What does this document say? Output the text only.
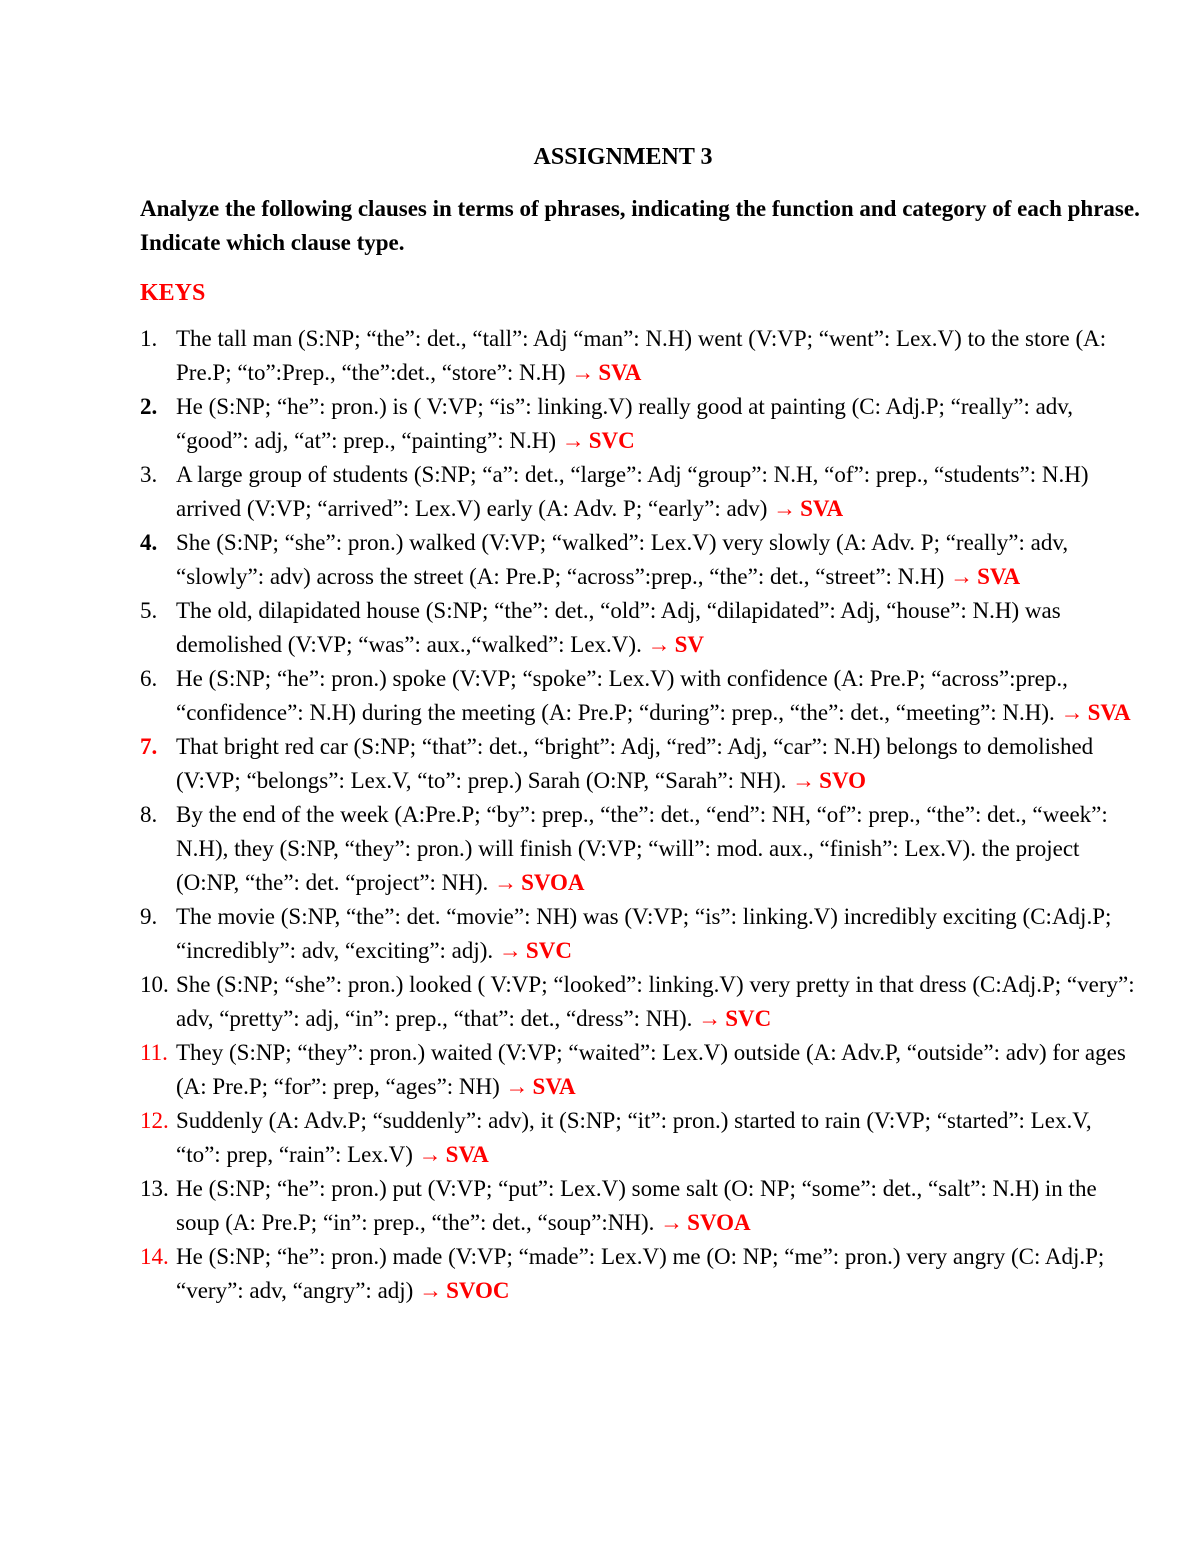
ASSIGNMENT 3
Analyze the following clauses in terms of phrases, indicating the function and category of each phrase. Indicate which clause type.
KEYS
1. The tall man (S:NP; “the”: det., “tall”: Adj “man”: N.H) went (V:VP; “went”: Lex.V) to the store (A: Pre.P; “to”:Prep., “the”:det., “store”: N.H) → SVA
2. He (S:NP; “he”: pron.) is ( V:VP; “is”: linking.V) really good at painting (C: Adj.P; “really”: adv, “good”: adj, “at”: prep., “painting”: N.H) → SVC
3. A large group of students (S:NP; “a”: det., “large”: Adj “group”: N.H, “of”: prep., “students”: N.H) arrived (V:VP; “arrived”: Lex.V) early (A: Adv. P; “early”: adv) → SVA
4. She (S:NP; “she”: pron.) walked (V:VP; “walked”: Lex.V) very slowly (A: Adv. P; “really”: adv, “slowly”: adv) across the street (A: Pre.P; “across”:prep., “the”: det., “street”: N.H) → SVA
5. The old, dilapidated house (S:NP; “the”: det., “old”: Adj, “dilapidated”: Adj, “house”: N.H) was demolished (V:VP; “was”: aux.,“walked”: Lex.V). → SV
6. He (S:NP; “he”: pron.) spoke (V:VP; “spoke”: Lex.V) with confidence (A: Pre.P; “across”:prep., “confidence”: N.H) during the meeting (A: Pre.P; “during”: prep., “the”: det., “meeting”: N.H). → SVA
7. That bright red car (S:NP; “that”: det., “bright”: Adj, “red”: Adj, “car”: N.H) belongs to demolished (V:VP; “belongs”: Lex.V, “to”: prep.) Sarah (O:NP, “Sarah”: NH). → SVO
8. By the end of the week (A:Pre.P; “by”: prep., “the”: det., “end”: NH, “of”: prep., “the”: det., “week”: N.H), they (S:NP, “they”: pron.) will finish (V:VP; “will”: mod. aux., “finish”: Lex.V). the project (O:NP, “the”: det. “project”: NH). → SVOA
9. The movie (S:NP, “the”: det. “movie”: NH) was (V:VP; “is”: linking.V) incredibly exciting (C:Adj.P; “incredibly”: adv, “exciting”: adj). → SVC
10. She (S:NP; “she”: pron.) looked ( V:VP; “looked”: linking.V) very pretty in that dress (C:Adj.P; “very”: adv, “pretty”: adj, “in”: prep., “that”: det., “dress”: NH). → SVC
11. They (S:NP; “they”: pron.) waited (V:VP; “waited”: Lex.V) outside (A: Adv.P, “outside”: adv) for ages (A: Pre.P; “for”: prep, “ages”: NH) → SVA
12. Suddenly (A: Adv.P; “suddenly”: adv), it (S:NP; “it”: pron.) started to rain (V:VP; “started”: Lex.V, “to”: prep, “rain”: Lex.V) → SVA
13. He (S:NP; “he”: pron.) put (V:VP; “put”: Lex.V) some salt (O: NP; “some”: det., “salt”: N.H) in the soup (A: Pre.P; “in”: prep., “the”: det., “soup”:NH). → SVOA
14. He (S:NP; “he”: pron.) made (V:VP; “made”: Lex.V) me (O: NP; “me”: pron.) very angry (C: Adj.P; “very”: adv, “angry”: adj) → SVOC
